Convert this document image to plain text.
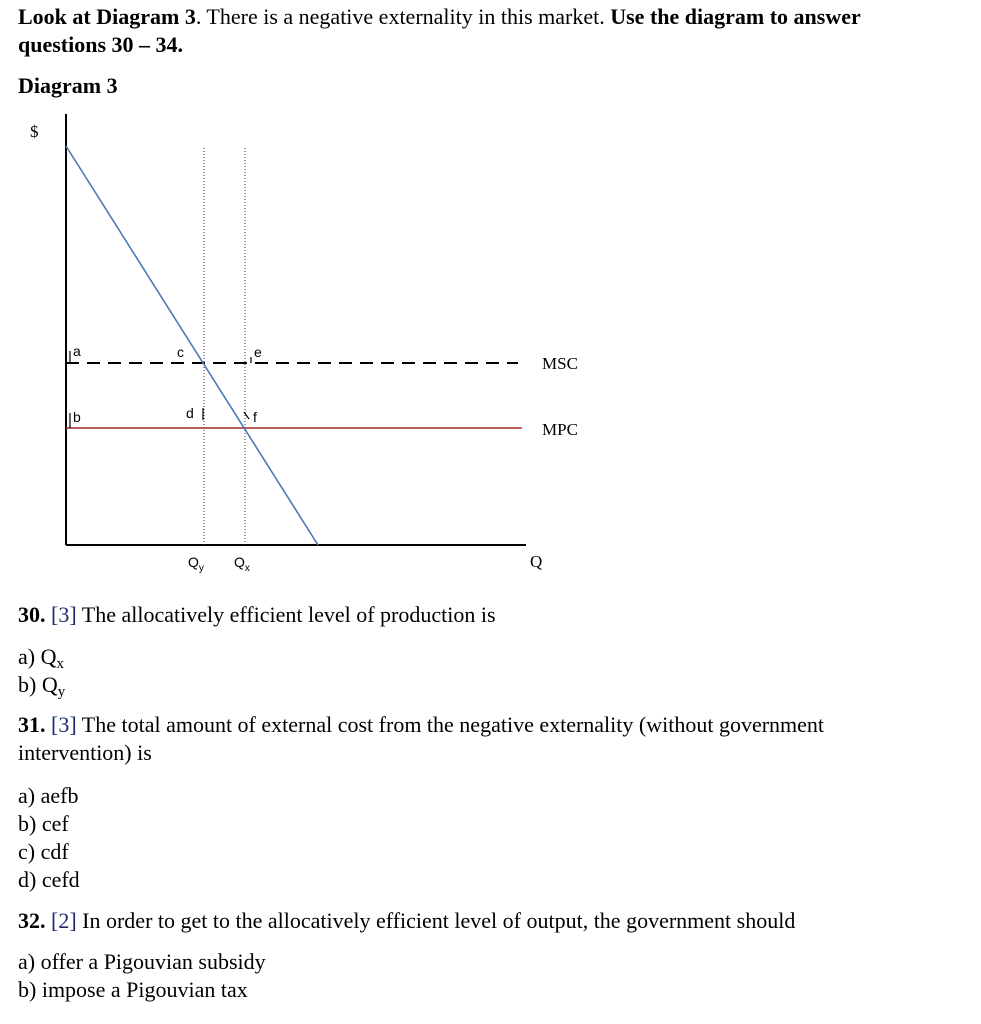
Look at Diagram 3. There is a negative externality in this market. Use the diagram to answer
questions 30 – 34.
Diagram 3
$
Q
a
b
c
d
e
f
MSC
MPC
$Q_y$ $Q_x$
30. [3] The allocatively efficient level of production is
a) $Q_x$
b) $Q_y$
31. [3] The total amount of external cost from the negative externality (without government
intervention) is
a) aefb
b) cef
c) cdf
d) cefd
32. [2] In order to get to the allocatively efficient level of output, the government should
a) offer a Pigouvian subsidy
b) impose a Pigouvian tax
